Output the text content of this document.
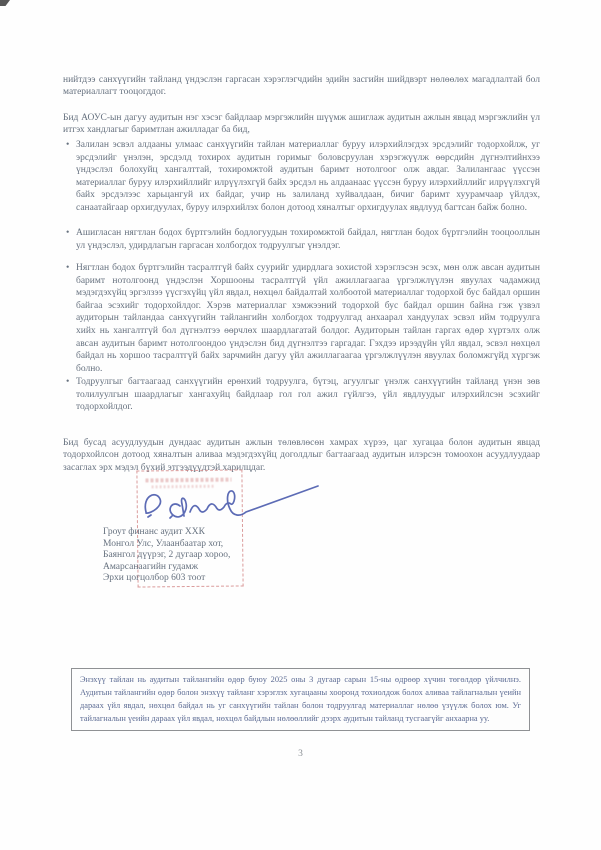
нийтдээ санхүүгийн тайланд үндэслэн гаргасан хэрэглэгчдийн эдийн засгийн шийдвэрт нөлөөлөх магадлалтай бол материаллагт тооцогддог.

Бид АОУС-ын дагуу аудитын нэг хэсэг байдлаар мэргэжлийн шүүмж ашиглаж аудитын ажлын явцад мэргэжлийн үл итгэх хандлагыг баримтлан ажилладаг ба бид,

• Залилан эсвэл алдааны улмаас санхүүгийн тайлан материаллаг буруу илэрхийлэгдэх эрсдэлийг тодорхойлж, уг эрсдэлийг үнэлэн, эрсдэлд тохирох аудитын горимыг боловсруулан хэрэгжүүлж өөрсдийн дүгнэлтийнхээ үндэслэл болохуйц хангалттай, тохиромжтой аудитын баримт нотолгоог олж авдаг. Залилангаас үүссэн материаллаг буруу илэрхийллийг илрүүлэхгүй байх эрсдэл нь алдаанаас үүссэн буруу илэрхийллийг илрүүлэхгүй байх эрсдэлээс харьцангуй их байдаг, учир нь залиланд хуйвалдаан, бичиг баримт хуурамчаар үйлдэх, санаатайгаар орхигдуулах, буруу илэрхийлэх болон дотоод хяналтыг орхигдуулах явдлууд багтсан байж болно.
• Ашигласан нягтлан бодох бүртгэлийн бодлогуудын тохиромжтой байдал, нягтлан бодох бүртгэлийн тооцооллын ул үндэслэл, удирдлагын гаргасан холбогдох тодруулгыг үнэлдэг.
• Нягтлан бодох бүртгэлийн тасралтгүй байх суурийг удирдлага зохистой хэрэглэсэн эсэх, мөн олж авсан аудитын баримт нотолгоонд үндэслэн Хоршооны тасралтгүй үйл ажиллагаагаа үргэлжлүүлэн явуулах чадамжид мэдэгдэхүйц эргэлзээ үүсгэхүйц үйл явдал, нөхцөл байдалтай холбоотой материаллаг тодорхой бус байдал оршин байгаа эсэхийг тодорхойлдог. Хэрэв материаллаг хэмжээний тодорхой бус байдал оршин байна гэж үзвэл аудиторын тайландаа санхүүгийн тайлангийн холбогдох тодруулгад анхаарал хандуулах эсвэл ийм тодруулга хийх нь хангалтгүй бол дүгнэлтээ өөрчлөх шаардлагатай болдог. Аудиторын тайлан гаргах өдөр хүртэлх олж авсан аудитын баримт нотолгоондоо үндэслэн бид дүгнэлтээ гаргадаг. Гэхдээ ирээдүйн үйл явдал, эсвэл нөхцөл байдал нь хоршоо тасралтгүй байх зарчмийн дагуу үйл ажиллагаагаа үргэлжлүүлэн явуулах боломжгүйд хүргэж болно.
• Тодруулгыг багтаагаад санхүүгийн ерөнхий тодруулга, бүтэц, агуулгыг үнэлж санхүүгийн тайланд үнэн зөв толилуулгын шаардлагыг хангахуйц байдлаар гол гол ажил гүйлгээ, үйл явдлуудыг илэрхийлсэн эсэхийг тодорхойлдог.

Бид бусад асуудлуудын дундаас аудитын ажлын төлөвлөсөн хамрах хүрээ, цаг хугацаа болон аудитын явцад тодорхойлсон дотоод хяналтын аливаа мэдэгдэхүйц доголдлыг багтаагаад аудитын илэрсэн томоохон асуудлуудаар засаглах эрх мэдэл бүхий этгээдүүдтэй харилцдаг.

Гроут финанс аудит ХХК
Монгол Улс, Улаанбаатар хот,
Баянгол дүүрэг, 2 дугаар хороо,
Амарсанаагийн гудамж
Эрхи цогцолбор 603 тоот
Энэхүү тайлан нь аудитын тайлангийн өдөр буюу 2025 оны 3 дугаар сарын 15-ны өдрөөр хүчин төгөлдөр үйлчилнэ. Аудитын тайлангийн өдөр болон энэхүү тайланг хэрэглэх хугацааны хооронд тохиолдож болох аливаа тайлагналын үеийн дараах үйл явдал, нөхцөл байдал нь уг санхүүгийн тайлан болон тодруулгад материаллаг нөлөө үзүүлж болох юм. Уг тайлагналын үеийн дараах үйл явдал, нөхцөл байдлын нөлөөллийг дээрх аудитын тайланд тусгаагүйг анхаарна уу.
3
